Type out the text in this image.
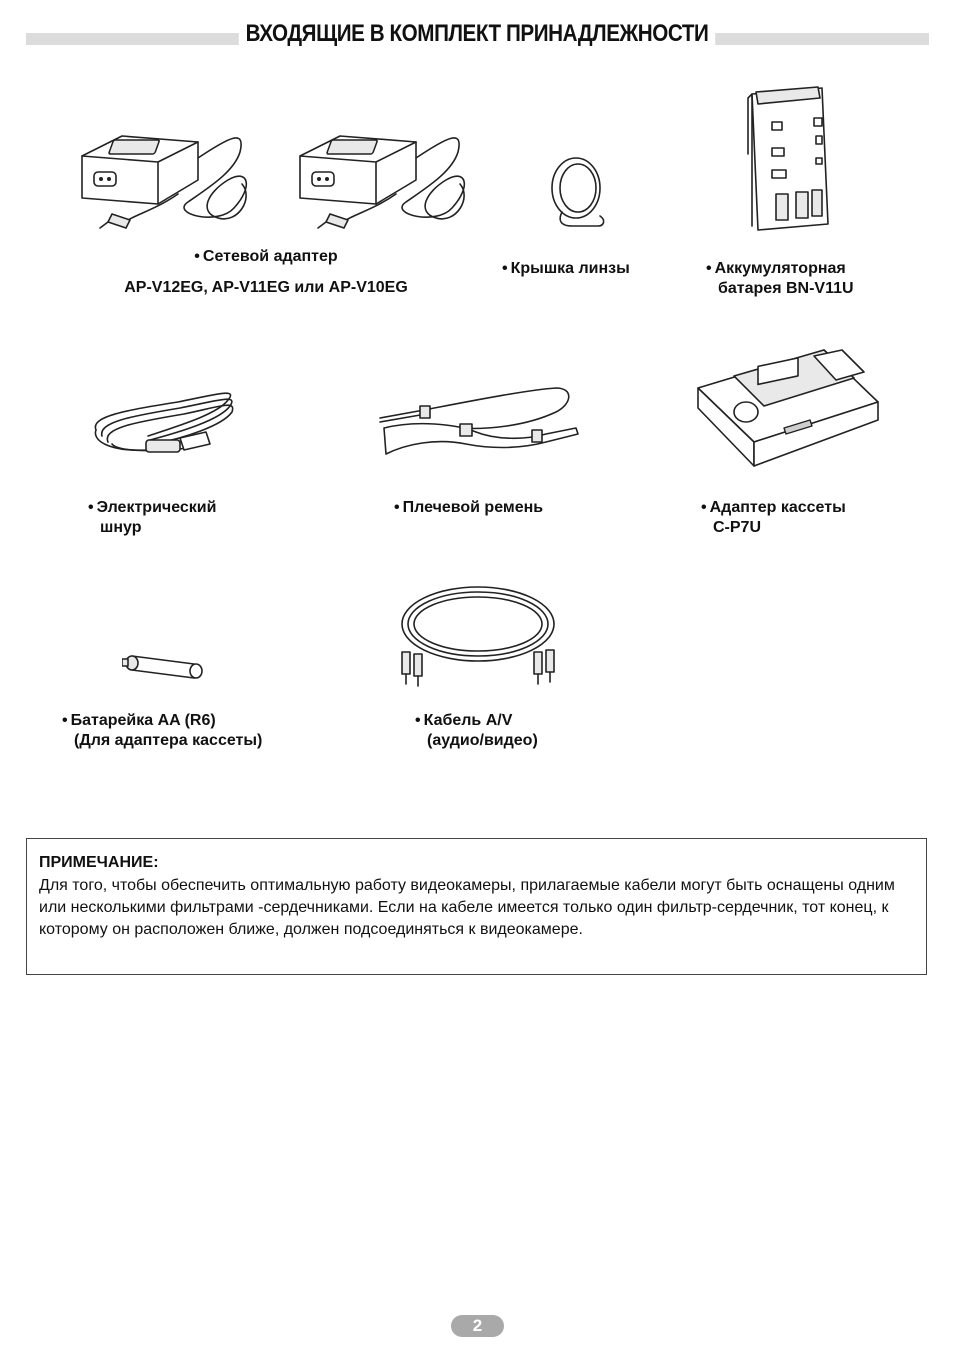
ВХОДЯЩИЕ В КОМПЛЕКТ ПРИНАДЛЕЖНОСТИ
• Сетевой адаптер
AP-V12EG, AP-V11EG или AP-V10EG
• Крышка линзы	• Аккумуляторная
батарея BN-V11U
• Электрический
шнур
• Плечевой ремень	• Адаптер кассеты
C-P7U
• Батарейка AA (R6)
(Для адаптера кассеты)
• Кабель A/V
(аудио/видео)
ПРИМЕЧАНИЕ:
Для того, чтобы обеспечить оптимальную работу видеокамеры, прилагаемые кабели могут быть оснащены одним или несколькими фильтрами -сердечниками. Если на кабеле имеется только один фильтр-сердечник, тот конец, к которому он расположен ближе, должен подсоединяться к видеокамере.
2
